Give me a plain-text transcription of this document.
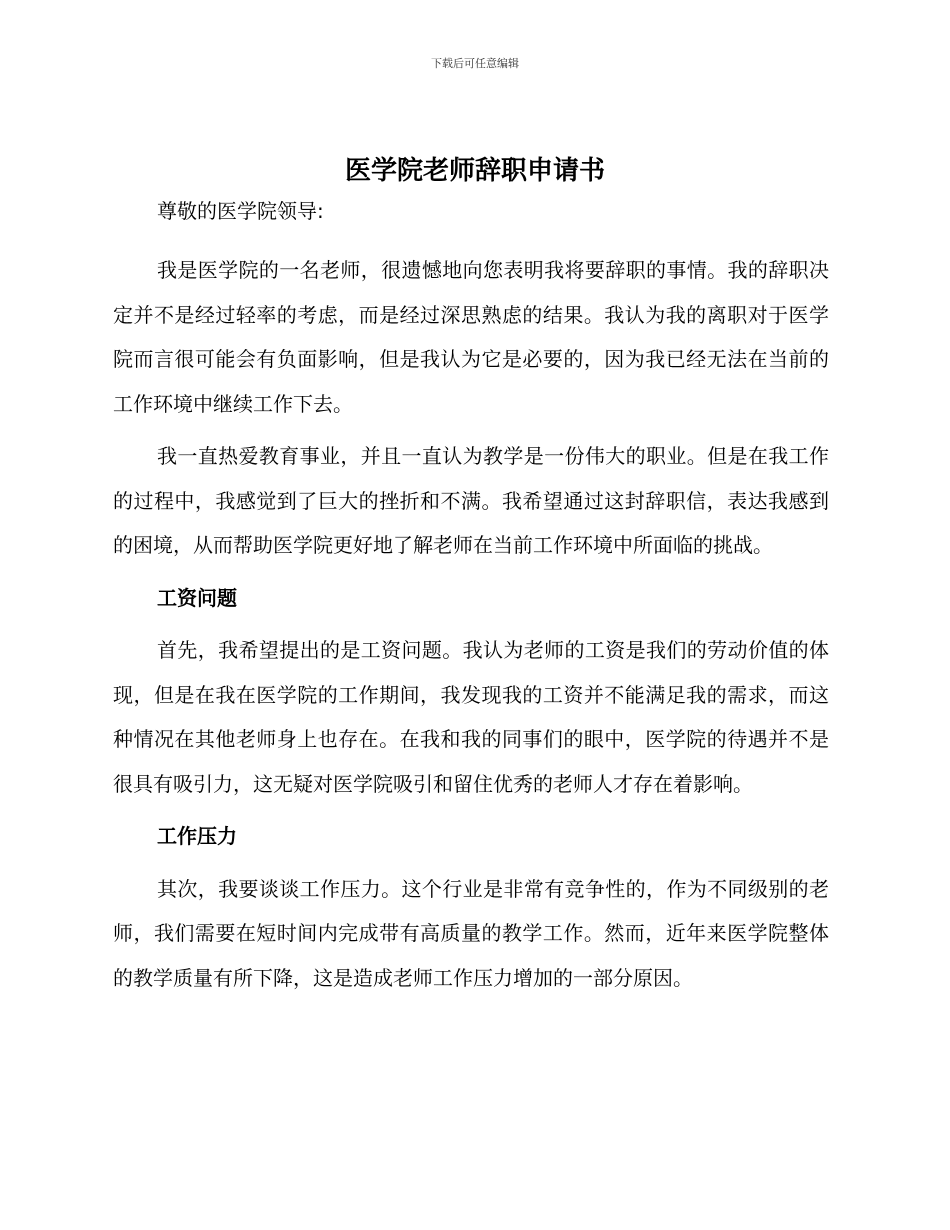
下载后可任意编辑
医学院老师辞职申请书

尊敬的医学院领导:

我是医学院的一名老师，很遗憾地向您表明我将要辞职的事情。我的辞职决定并不是经过轻率的考虑，而是经过深思熟虑的结果。我认为我的离职对于医学院而言很可能会有负面影响，但是我认为它是必要的，因为我已经无法在当前的工作环境中继续工作下去。

我一直热爱教育事业，并且一直认为教学是一份伟大的职业。但是在我工作的过程中，我感觉到了巨大的挫折和不满。我希望通过这封辞职信，表达我感到的困境，从而帮助医学院更好地了解老师在当前工作环境中所面临的挑战。

工资问题

首先，我希望提出的是工资问题。我认为老师的工资是我们的劳动价值的体现，但是在我在医学院的工作期间，我发现我的工资并不能满足我的需求，而这种情况在其他老师身上也存在。在我和我的同事们的眼中，医学院的待遇并不是很具有吸引力，这无疑对医学院吸引和留住优秀的老师人才存在着影响。

工作压力

其次，我要谈谈工作压力。这个行业是非常有竞争性的，作为不同级别的老师，我们需要在短时间内完成带有高质量的教学工作。然而，近年来医学院整体的教学质量有所下降，这是造成老师工作压力增加的一部分原因。
